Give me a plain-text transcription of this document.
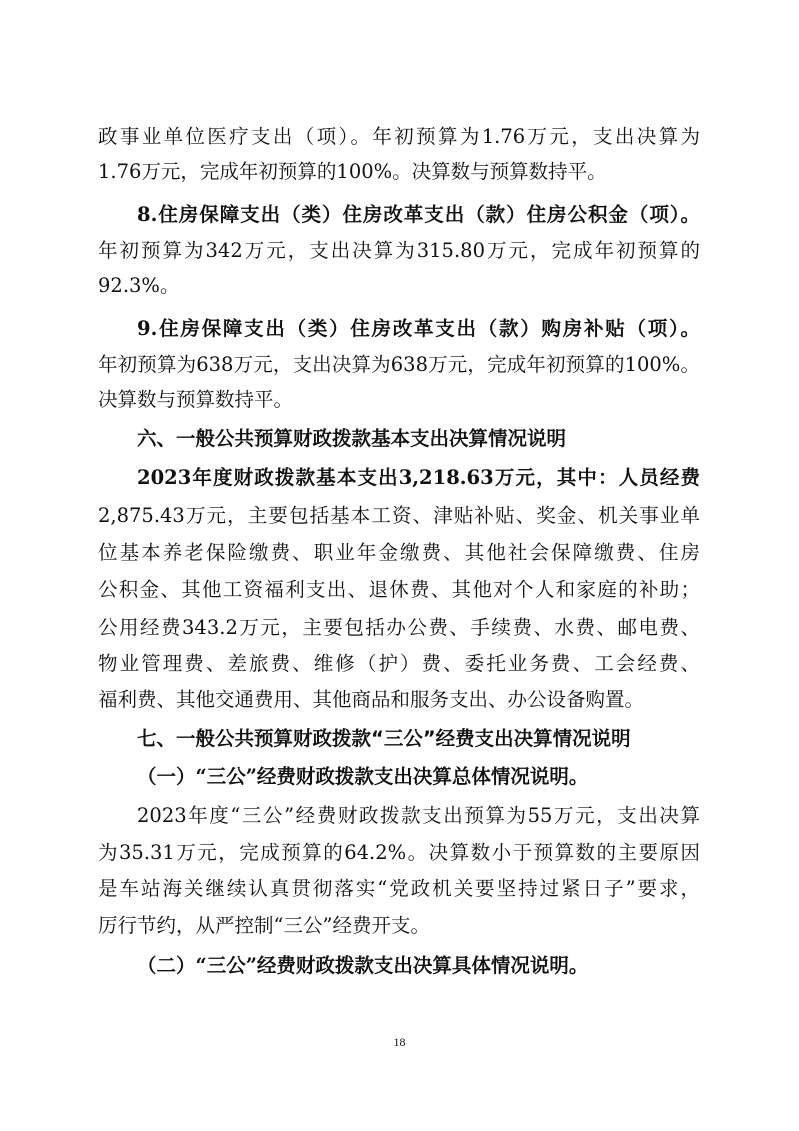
政事业单位医疗支出（项）。年初预算为1.76万元，支出决算为
1.76万元，完成年初预算的100%。决算数与预算数持平。
8.住房保障支出（类）住房改革支出（款）住房公积金（项）。
年初预算为342万元，支出决算为315.80万元，完成年初预算的
92.3%。
9.住房保障支出（类）住房改革支出（款）购房补贴（项）。
年初预算为638万元，支出决算为638万元，完成年初预算的100%。
决算数与预算数持平。
六、一般公共预算财政拨款基本支出决算情况说明
2023年度财政拨款基本支出3,218.63万元，其中：人员经费
2,875.43万元，主要包括基本工资、津贴补贴、奖金、机关事业单
位基本养老保险缴费、职业年金缴费、其他社会保障缴费、住房
公积金、其他工资福利支出、退休费、其他对个人和家庭的补助；
公用经费343.2万元，主要包括办公费、手续费、水费、邮电费、
物业管理费、差旅费、维修（护）费、委托业务费、工会经费、
福利费、其他交通费用、其他商品和服务支出、办公设备购置。
七、一般公共预算财政拨款“三公”经费支出决算情况说明
（一）“三公”经费财政拨款支出决算总体情况说明。
2023年度“三公”经费财政拨款支出预算为55万元，支出决算
为35.31万元，完成预算的64.2%。决算数小于预算数的主要原因
是车站海关继续认真贯彻落实“党政机关要坚持过紧日子”要求，
厉行节约，从严控制“三公”经费开支。
（二）“三公”经费财政拨款支出决算具体情况说明。
18
